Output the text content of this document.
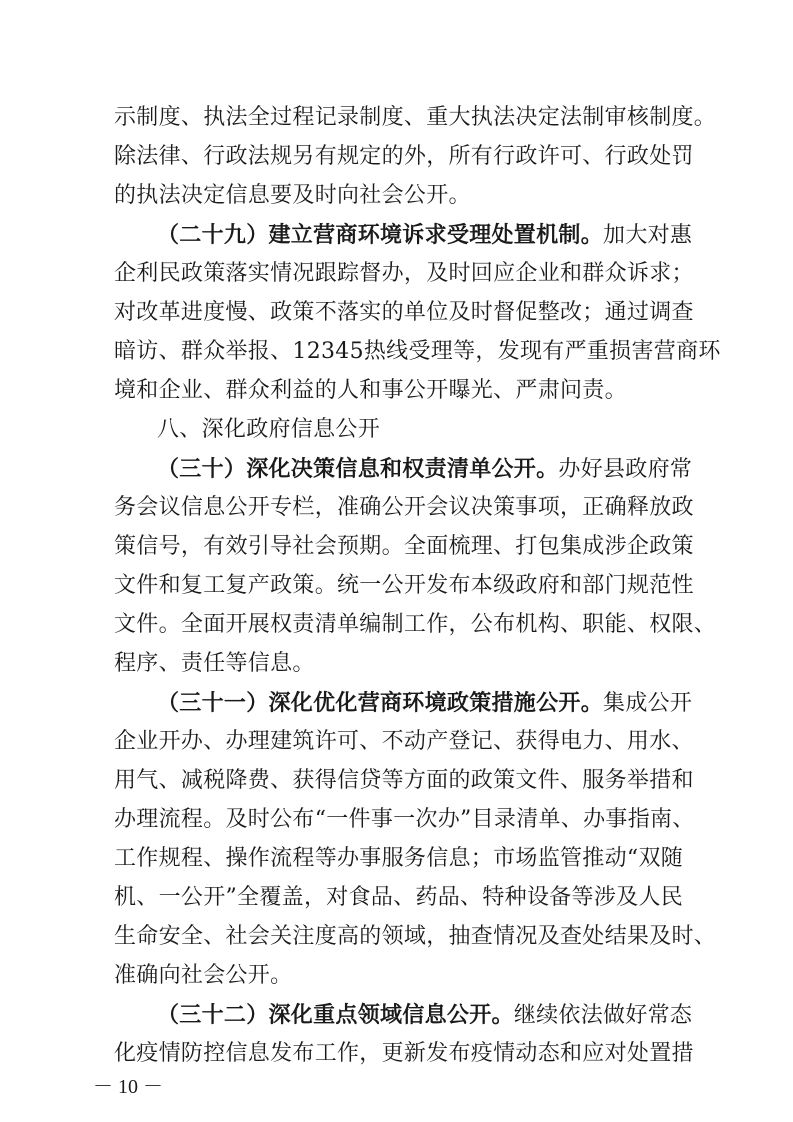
示制度、执法全过程记录制度、重大执法决定法制审核制度。
除法律、行政法规另有规定的外，所有行政许可、行政处罚
的执法决定信息要及时向社会公开。
（二十九）建立营商环境诉求受理处置机制。加大对惠
企利民政策落实情况跟踪督办，及时回应企业和群众诉求；
对改革进度慢、政策不落实的单位及时督促整改；通过调查
暗访、群众举报、12345热线受理等，发现有严重损害营商环
境和企业、群众利益的人和事公开曝光、严肃问责。
八、深化政府信息公开
（三十）深化决策信息和权责清单公开。办好县政府常
务会议信息公开专栏，准确公开会议决策事项，正确释放政
策信号，有效引导社会预期。全面梳理、打包集成涉企政策
文件和复工复产政策。统一公开发布本级政府和部门规范性
文件。全面开展权责清单编制工作，公布机构、职能、权限、
程序、责任等信息。
（三十一）深化优化营商环境政策措施公开。集成公开
企业开办、办理建筑许可、不动产登记、获得电力、用水、
用气、减税降费、获得信贷等方面的政策文件、服务举措和
办理流程。及时公布“一件事一次办”目录清单、办事指南、
工作规程、操作流程等办事服务信息；市场监管推动“双随
机、一公开”全覆盖，对食品、药品、特种设备等涉及人民
生命安全、社会关注度高的领域，抽查情况及查处结果及时、
准确向社会公开。
（三十二）深化重点领域信息公开。继续依法做好常态
化疫情防控信息发布工作，更新发布疫情动态和应对处置措
－ 10 －
